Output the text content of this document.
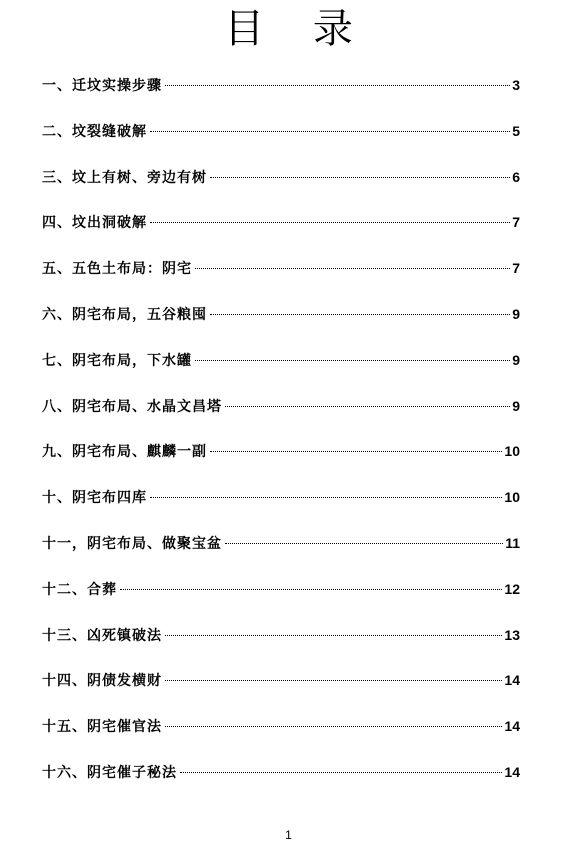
目 录
一、迁坟实操步骤	3
二、坟裂缝破解	5
三、坟上有树、旁边有树	6
四、坟出洞破解	7
五、五色土布局：阴宅	7
六、阴宅布局，五谷粮囤	9
七、阴宅布局，下水罐	9
八、阴宅布局、水晶文昌塔	9
九、阴宅布局、麒麟一副	10
十、阴宅布四库	10
十一，阴宅布局、做聚宝盆	11
十二、合葬	12
十三、凶死镇破法	13
十四、阴债发横财	14
十五、阴宅催官法	14
十六、阴宅催子秘法	14
1
